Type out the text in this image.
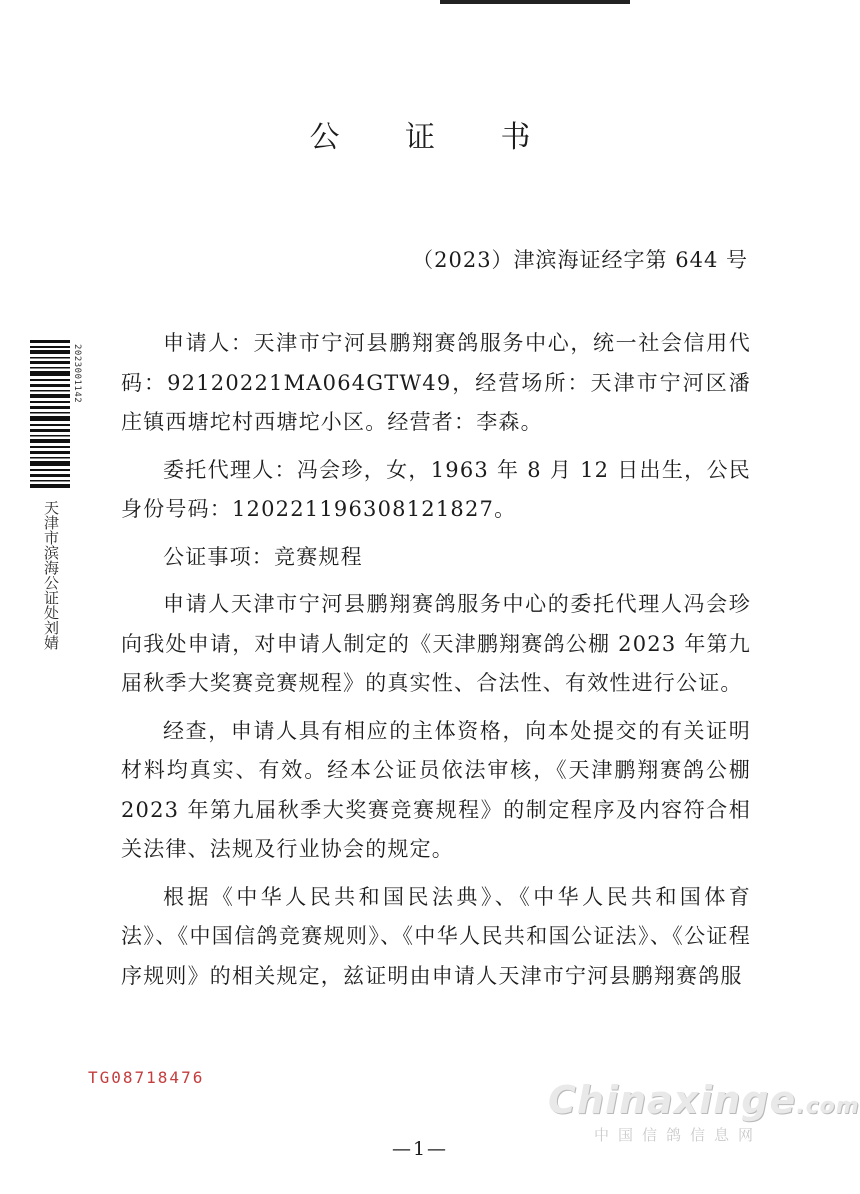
公 证 书
（2023）津滨海证经字第 644 号

申请人：天津市宁河县鹏翔赛鸽服务中心，统一社会信用代码：92120221MA064GTW49，经营场所：天津市宁河区潘庄镇西塘坨村西塘坨小区。经营者：李森。

委托代理人：冯会珍，女，1963 年 8 月 12 日出生，公民身份号码：120221196308121827。

公证事项：竞赛规程

申请人天津市宁河县鹏翔赛鸽服务中心的委托代理人冯会珍向我处申请，对申请人制定的《天津鹏翔赛鸽公棚 2023 年第九届秋季大奖赛竞赛规程》的真实性、合法性、有效性进行公证。

经查，申请人具有相应的主体资格，向本处提交的有关证明材料均真实、有效。经本公证员依法审核，《天津鹏翔赛鸽公棚 2023 年第九届秋季大奖赛竞赛规程》的制定程序及内容符合相关法律、法规及行业协会的规定。

根据《中华人民共和国民法典》、《中华人民共和国体育法》、《中国信鸽竞赛规则》、《中华人民共和国公证法》、《公证程序规则》的相关规定，兹证明由申请人天津市宁河县鹏翔赛鸽服

2023001142
天津市滨海公证处刘婧
TG08718476
Chinaxinge.com
中国信鸽信息网
—1—
